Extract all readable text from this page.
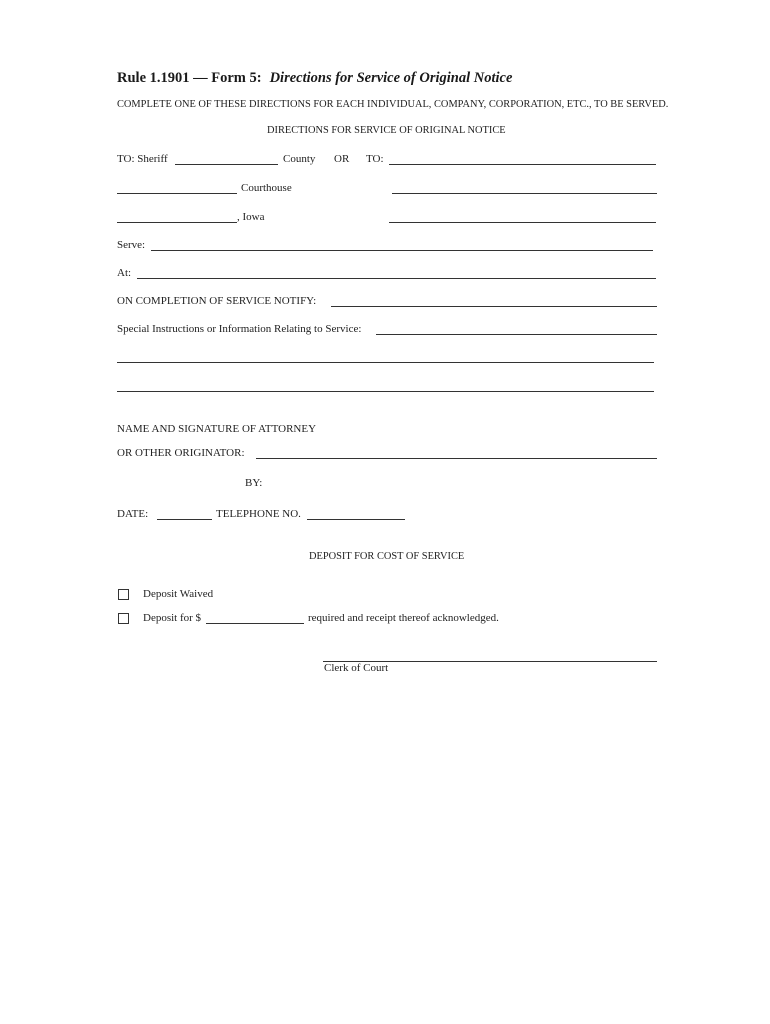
Rule 1.1901 — Form 5: Directions for Service of Original Notice
COMPLETE ONE OF THESE DIRECTIONS FOR EACH INDIVIDUAL, COMPANY, CORPORATION, ETC., TO BE SERVED.
DIRECTIONS FOR SERVICE OF ORIGINAL NOTICE
TO: Sheriff	County OR TO:
Courthouse
, Iowa
Serve:
At:
ON COMPLETION OF SERVICE NOTIFY:
Special Instructions or Information Relating to Service:
NAME AND SIGNATURE OF ATTORNEY
OR OTHER ORIGINATOR:
BY:
DATE:	TELEPHONE NO.
DEPOSIT FOR COST OF SERVICE
Deposit Waived
Deposit for $	required and receipt thereof acknowledged.
Clerk of Court
